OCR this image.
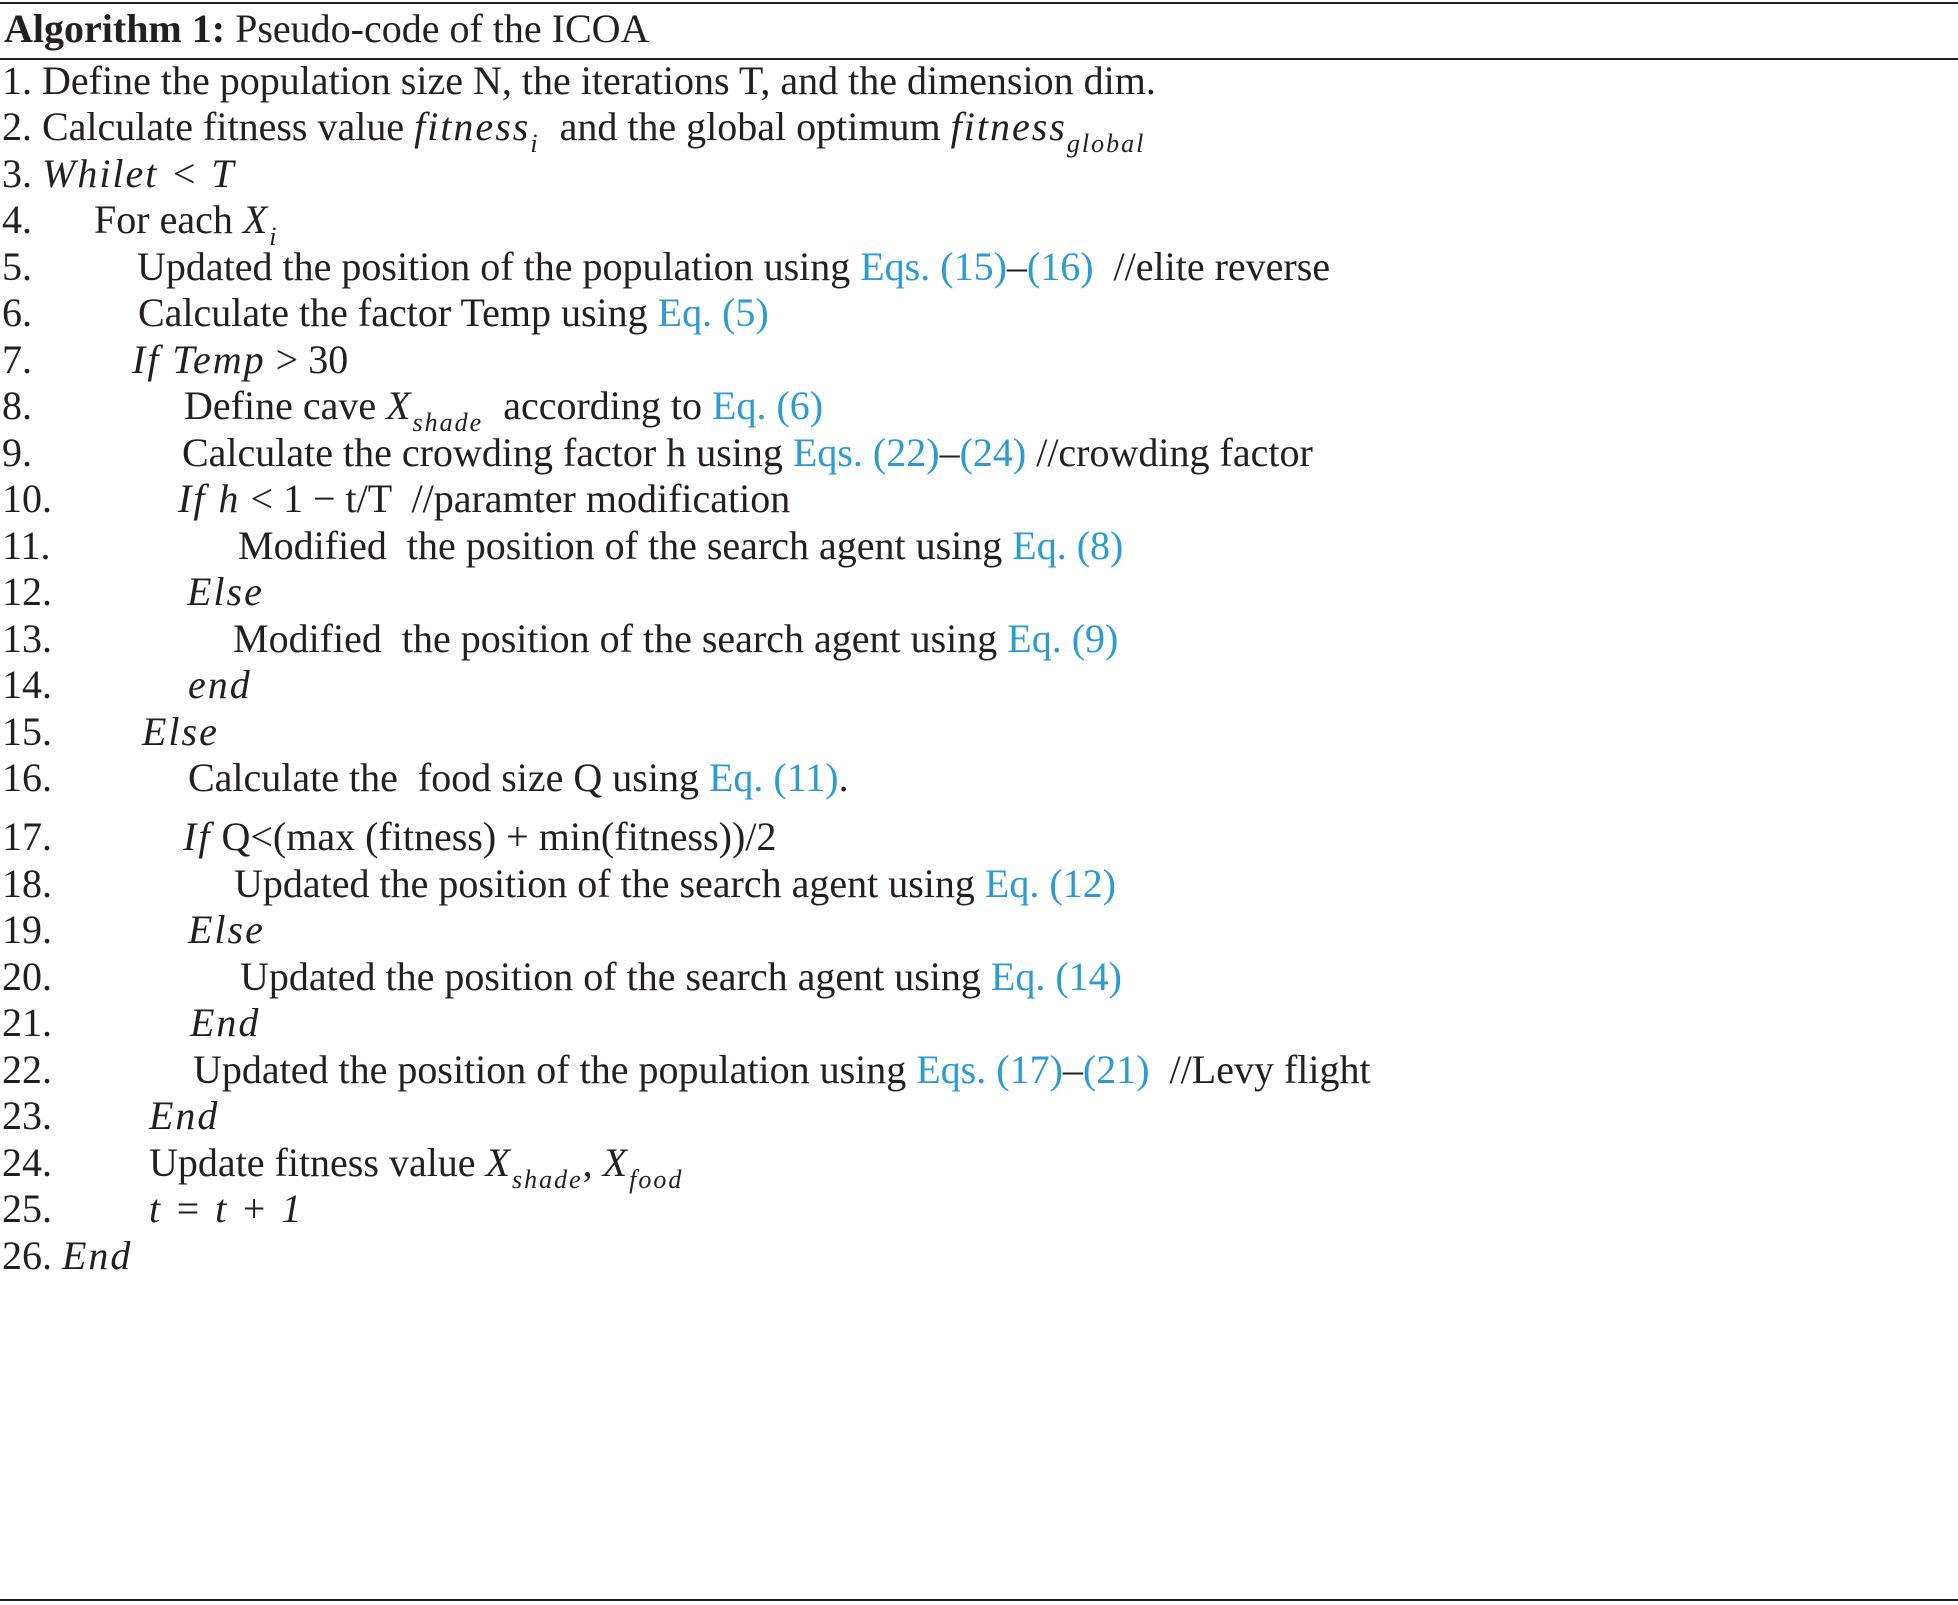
Algorithm 1: Pseudo-code of the ICOA
1. Define the population size N, the iterations T, and the dimension dim.
2. Calculate fitness value fitness$_i$  and the global optimum fitness$_{global}$
3. Whilet < T
4. For each $X_i$
5.	Updated the position of the population using Eqs. (15)–(16)  //elite reverse
6.	Calculate the factor Temp using Eq. (5)
7.	If Temp > 30
8.	Define cave $X_{shade}$  according to Eq. (6)
9.	Calculate the crowding factor h using Eqs. (22)–(24) //crowding factor
10.	If h < 1 − t/T  //paramter modification
11.	Modified  the position of the search agent using Eq. (8)
12.	Else
13.	Modified  the position of the search agent using Eq. (9)
14.	end
15. Else
16.	Calculate the  food size Q using Eq. (11).
17.	If Q<(max (fitness) + min(fitness))/2
18.	Updated the position of the search agent using Eq. (12)
19.	Else
20.	Updated the position of the search agent using Eq. (14)
21.	End
22.	Updated the position of the population using Eqs. (17)–(21)  //Levy flight
23. End
24. Update fitness value $X_{shade}$, $X_{food}$
25. t = t + 1
26. End
